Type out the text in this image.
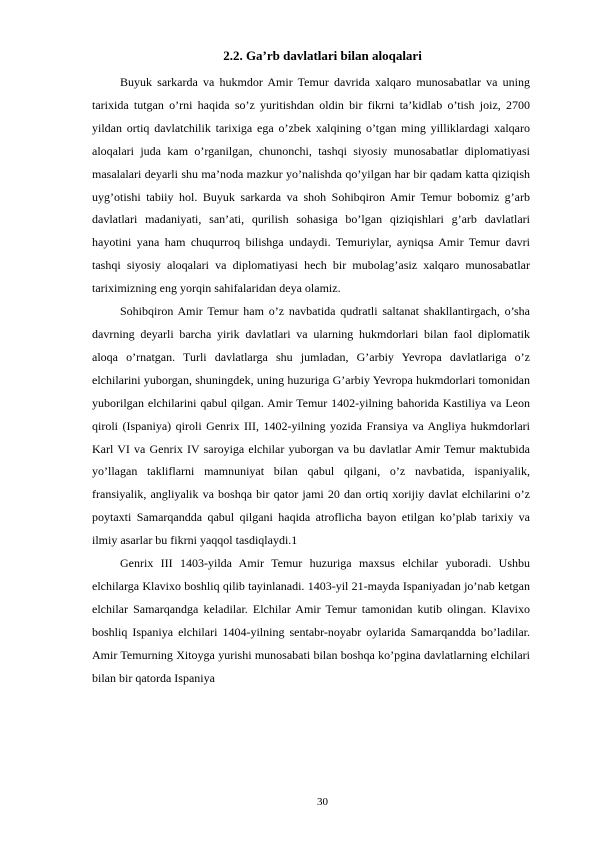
2.2. Ga’rb davlatlari bilan aloqalari

Buyuk sarkarda va hukmdor Amir Temur davrida xalqaro munosabatlar va uning tarixida tutgan o’rni haqida so’z yuritishdan oldin bir fikrni ta’kidlab o’tish joiz, 2700 yildan ortiq davlatchilik tarixiga ega o’zbek xalqining o’tgan ming yilliklardagi xalqaro aloqalari juda kam o’rganilgan, chunonchi, tashqi siyosiy munosabatlar diplomatiyasi masalalari deyarli shu ma’noda mazkur yo’nalishda qo’yilgan har bir qadam katta qiziqish uyg’otishi tabiiy hol. Buyuk sarkarda va shoh Sohibqiron Amir Temur bobomiz g’arb davlatlari madaniyati, san’ati, qurilish sohasiga bo’lgan qiziqishlari g’arb davlatlari hayotini yana ham chuqurroq bilishga undaydi. Temuriylar, ayniqsa Amir Temur davri tashqi siyosiy aloqalari va diplomatiyasi hech bir mubolag’asiz xalqaro munosabatlar tariximizning eng yorqin sahifalaridan deya olamiz.

Sohibqiron Amir Temur ham o’z navbatida qudratli saltanat shakllantirgach, o’sha davrning deyarli barcha yirik davlatlari va ularning hukmdorlari bilan faol diplomatik aloqa o’rnatgan. Turli davlatlarga shu jumladan, G’arbiy Yevropa davlatlariga o’z elchilarini yuborgan, shuningdek, uning huzuriga G’arbiy Yevropa hukmdorlari tomonidan yuborilgan elchilarini qabul qilgan. Amir Temur 1402-yilning bahorida Kastiliya va Leon qiroli (Ispaniya) qiroli Genrix III, 1402-yilning yozida Fransiya va Angliya hukmdorlari Karl VI va Genrix IV saroyiga elchilar yuborgan va bu davlatlar Amir Temur maktubida yo’llagan takliflarni mamnuniyat bilan qabul qilgani, o’z navbatida, ispaniyalik, fransiyalik, angliyalik va boshqa bir qator jami 20 dan ortiq xorijiy davlat elchilarini o’z poytaxti Samarqandda qabul qilgani haqida atroflicha bayon etilgan ko’plab tarixiy va ilmiy asarlar bu fikrni yaqqol tasdiqlaydi.1

Genrix III 1403-yilda Amir Temur huzuriga maxsus elchilar yuboradi. Ushbu elchilarga Klavixo boshliq qilib tayinlanadi. 1403-yil 21-mayda Ispaniyadan jo’nab ketgan elchilar Samarqandga keladilar. Elchilar Amir Temur tamonidan kutib olingan. Klavixo boshliq Ispaniya elchilari 1404-yilning sentabr-noyabr oylarida Samarqandda bo’ladilar. Amir Temurning Xitoyga yurishi munosabati bilan boshqa ko’pgina davlatlarning elchilari bilan bir qatorda Ispaniya

30
